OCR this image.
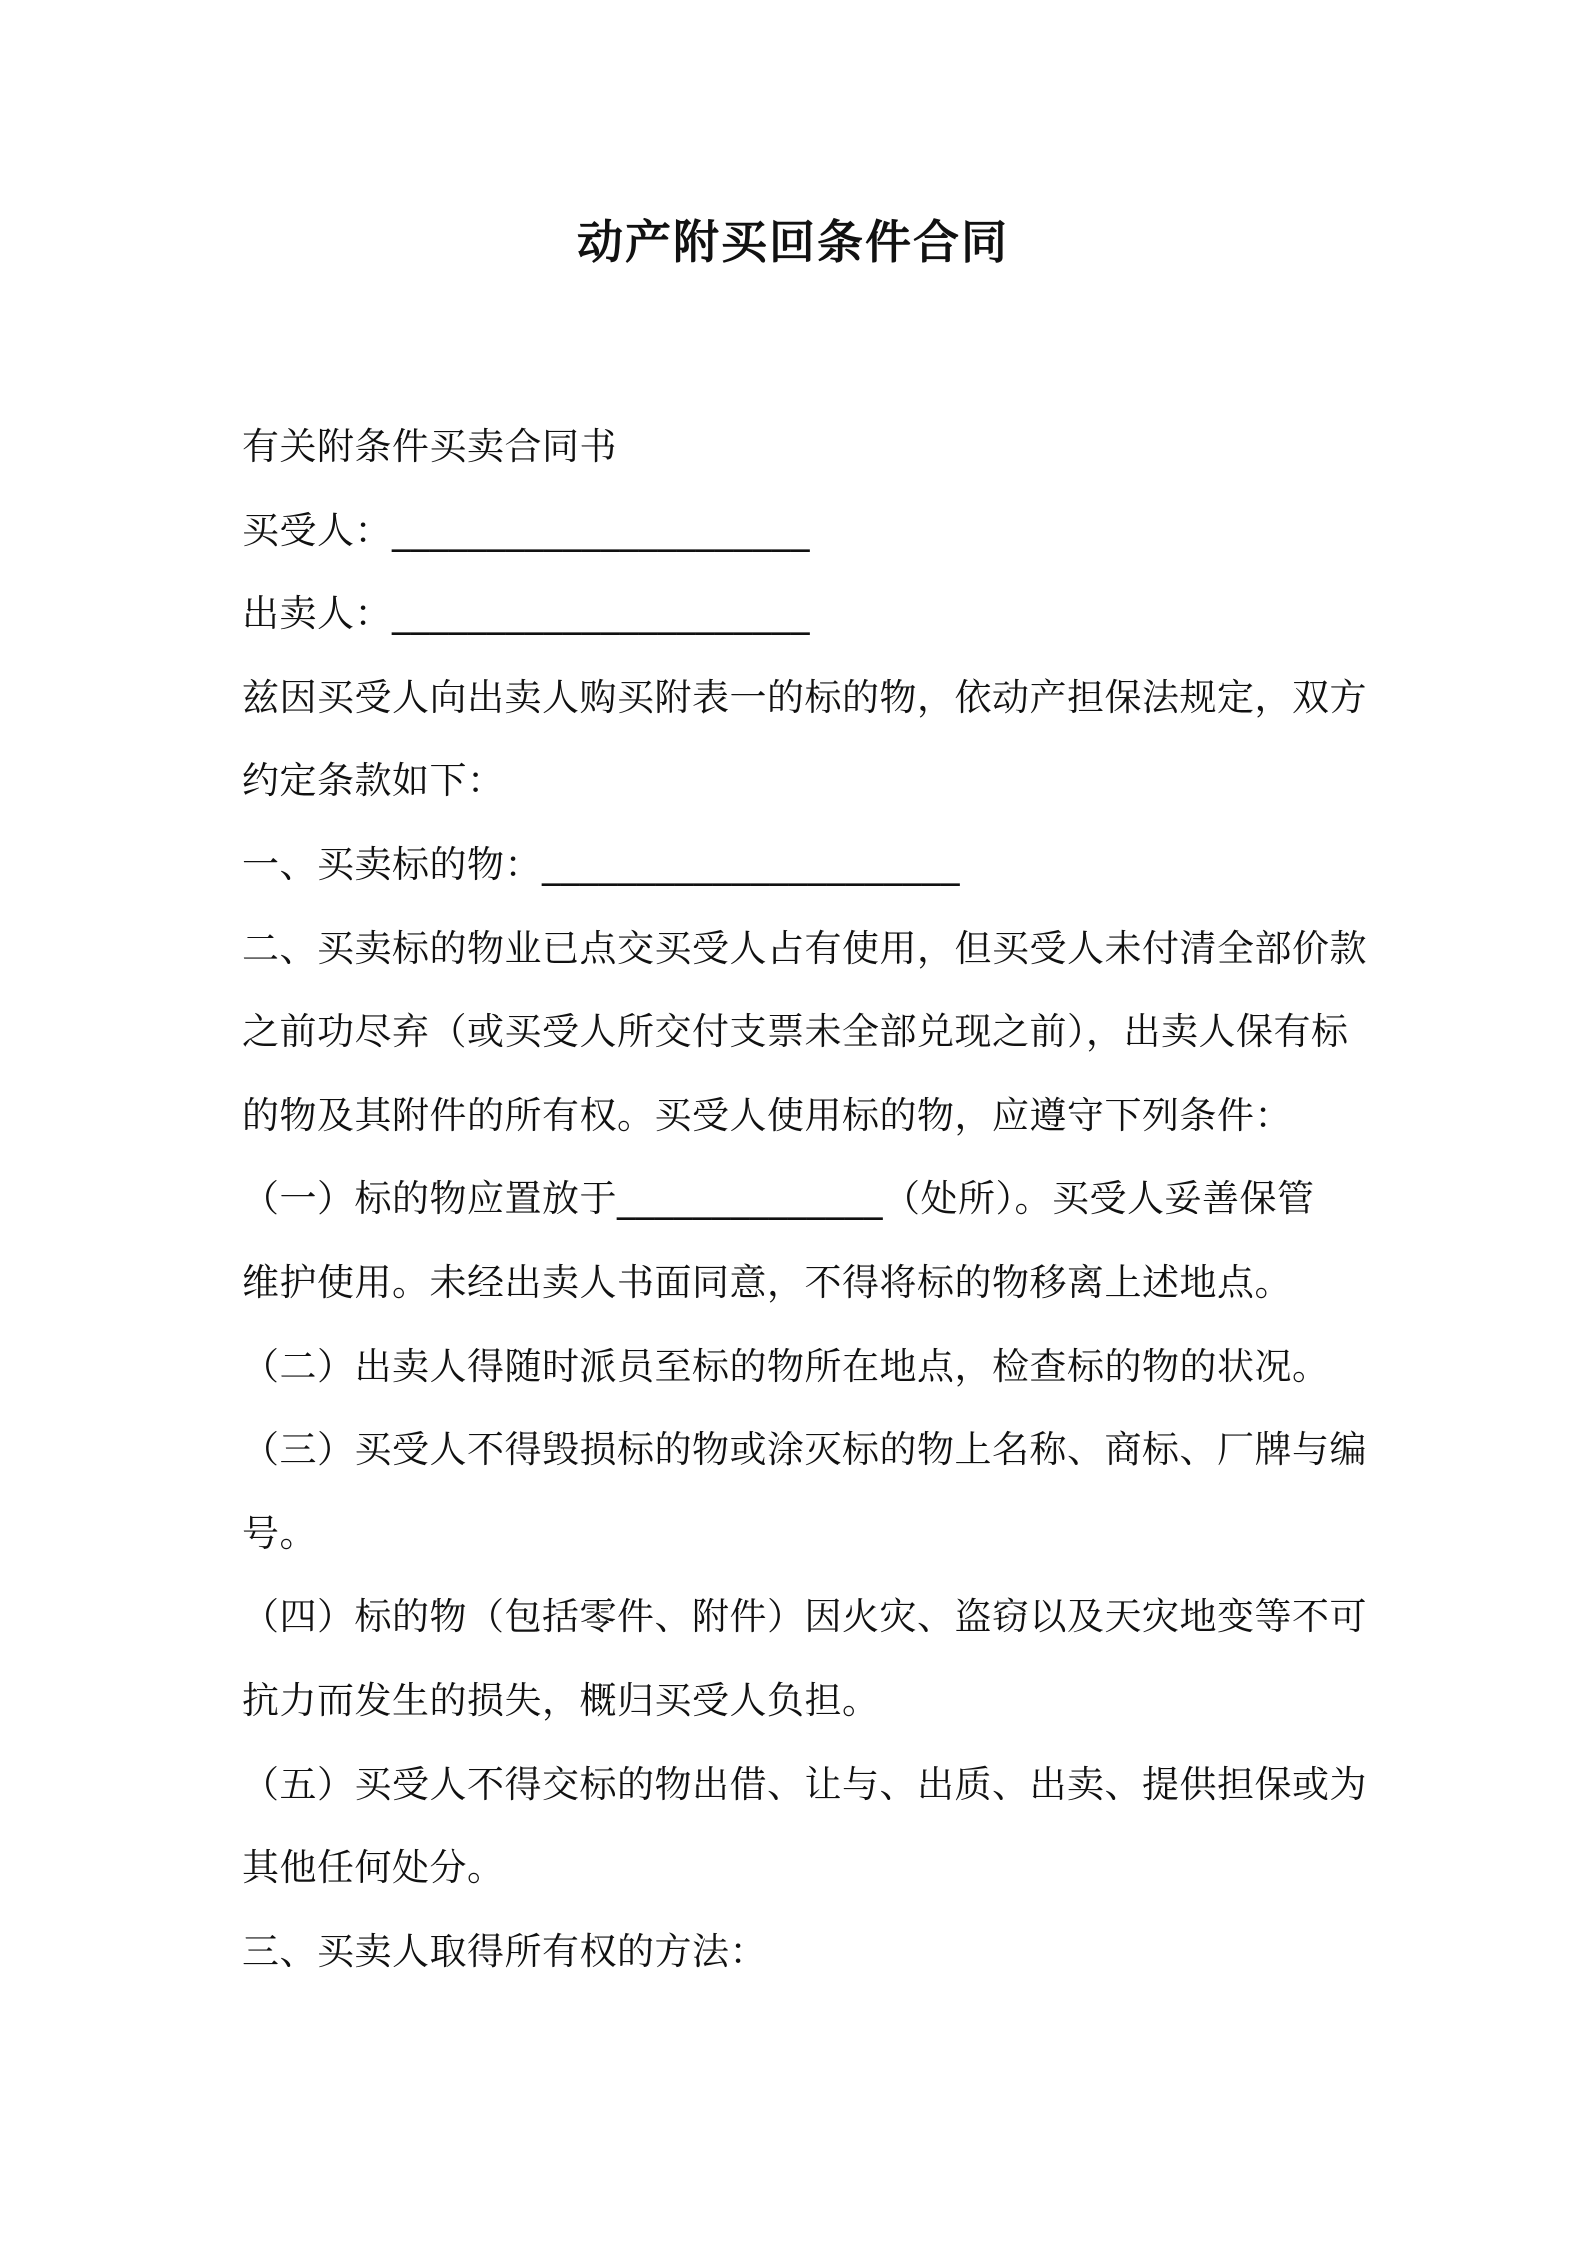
动产附买回条件合同
有关附条件买卖合同书
买受人：______________________
出卖人：______________________
兹因买受人向出卖人购买附表一的标的物，依动产担保法规定，双方
约定条款如下：
一、买卖标的物：______________________
二、买卖标的物业已点交买受人占有使用，但买受人未付清全部价款
之前功尽弃（或买受人所交付支票未全部兑现之前），出卖人保有标
的物及其附件的所有权。买受人使用标的物，应遵守下列条件：
（一）标的物应置放于______________（处所）。买受人妥善保管
维护使用。未经出卖人书面同意，不得将标的物移离上述地点。
（二）出卖人得随时派员至标的物所在地点，检查标的物的状况。
（三）买受人不得毁损标的物或涂灭标的物上名称、商标、厂牌与编
号。
（四）标的物（包括零件、附件）因火灾、盗窃以及天灾地变等不可
抗力而发生的损失，概归买受人负担。
（五）买受人不得交标的物出借、让与、出质、出卖、提供担保或为
其他任何处分。
三、买卖人取得所有权的方法：
